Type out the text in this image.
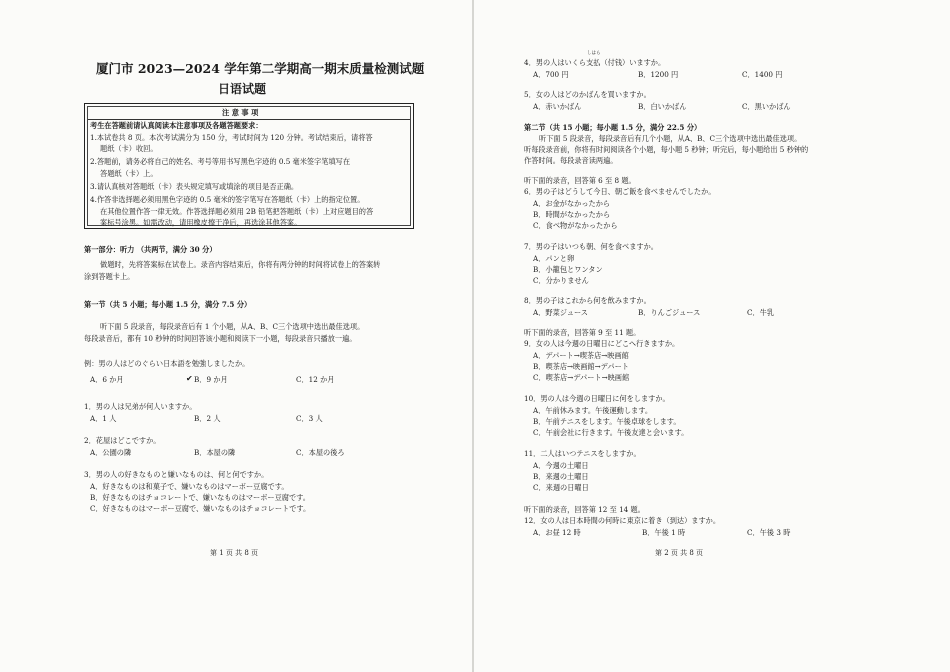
厦门市 2023—2024 学年第二学期高一期末质量检测试题
日语试题
注 意 事 项
考生在答题前请认真阅读本注意事项及各题答题要求：
1.本试卷共 8 页。本次考试满分为 150 分，考试时间为 120 分钟。考试结束后，请将答
题纸（卡）收回。
2.答题前，请务必将自己的姓名、考号等用书写黑色字迹的 0.5 毫米签字笔填写在
答题纸（卡）上。
3.请认真核对答题纸（卡）表头规定填写或填涂的项目是否正确。
4.作答非选择题必须用黑色字迹的 0.5 毫米的签字笔写在答题纸（卡）上的指定位置。
在其他位置作答一律无效。作答选择题必须用 2B 铅笔把答题纸（卡）上对应题目的答
案标号涂黑。如需改动，请用橡皮擦干净后，再选涂其他答案。
第一部分：听力 （共两节，满分 30 分）
做题时，先将答案标在试卷上。录音内容结束后，你将有两分钟的时间将试卷上的答案转
涂到答题卡上。
第一节（共 5 小题；每小题 1.5 分，满分 7.5 分）
听下面 5 段录音，每段录音后有 1 个小题，从A、B、C三个选项中选出最佳选项。
每段录音后，都有 10 秒钟的时间回答该小题和阅读下一小题，每段录音只播放一遍。
例：男の人はどのぐらい日本語を勉強しましたか。
A．6 か月	✔ B．9 か月	C．12 か月
1．男の人は兄弟が何人いますか。
A．1 人	B．2 人	C．3 人
2．花屋はどこですか。
A．公園の隣	B．本屋の隣	C．本屋の後ろ
3．男の人の好きなものと嫌いなものは、何と何ですか。
A．好きなものは和菓子で、嫌いなものはマーボー豆腐です。
B．好きなものはチョコレートで、嫌いなものはマーボー豆腐です。
C．好きなものはマーボー豆腐で、嫌いなものはチョコレートです。
第 1 页 共 8 页
しはら
4．男の人はいくら支払（付钱）いますか。
A．700 円	B．1200 円	C．1400 円
5．女の人はどのかばんを買いますか。
A．赤いかばん	B．白いかばん	C．黒いかばん
第二节（共 15 小题；每小题 1.5 分，满分 22.5 分）
听下面 5 段录音，每段录音后有几个小题，从A、B、C三个选项中选出最佳选项。
听每段录音前，你将有时间阅读各个小题，每小题 5 秒钟；听完后，每小题给出 5 秒钟的
作答时间。每段录音读两遍。
听下面的录音，回答第 6 至 8 题。
6．男の子はどうして今日、朝ご飯を食べませんでしたか。
A．お金がなかったから
B．時間がなかったから
C．食べ物がなかったから
7．男の子はいつも朝、何を食べますか。
A．パンと卵
B．小籠包とワンタン
C．分かりません
8．男の子はこれから何を飲みますか。
A．野菜ジュース	B．りんごジュース	C．牛乳
听下面的录音，回答第 9 至 11 题。
9．女の人は今週の日曜日にどこへ行きますか。
A．デパート→喫茶店→映画館
B．喫茶店→映画館→デパート
C．喫茶店→デパート→映画館
10．男の人は今週の日曜日に何をしますか。
A．午前休みます。午後運動します。
B．午前テニスをします。午後卓球をします。
C．午前会社に行きます。午後友達と会います。
11．二人はいつテニスをしますか。
A．今週の土曜日
B．来週の土曜日
C．来週の日曜日
听下面的录音，回答第 12 至 14 题。
12．女の人は日本時間の何時に東京に着き（到达）ますか。
A．お昼 12 時	B．午後 1 時	C．午後 3 時
第 2 页 共 8 页
